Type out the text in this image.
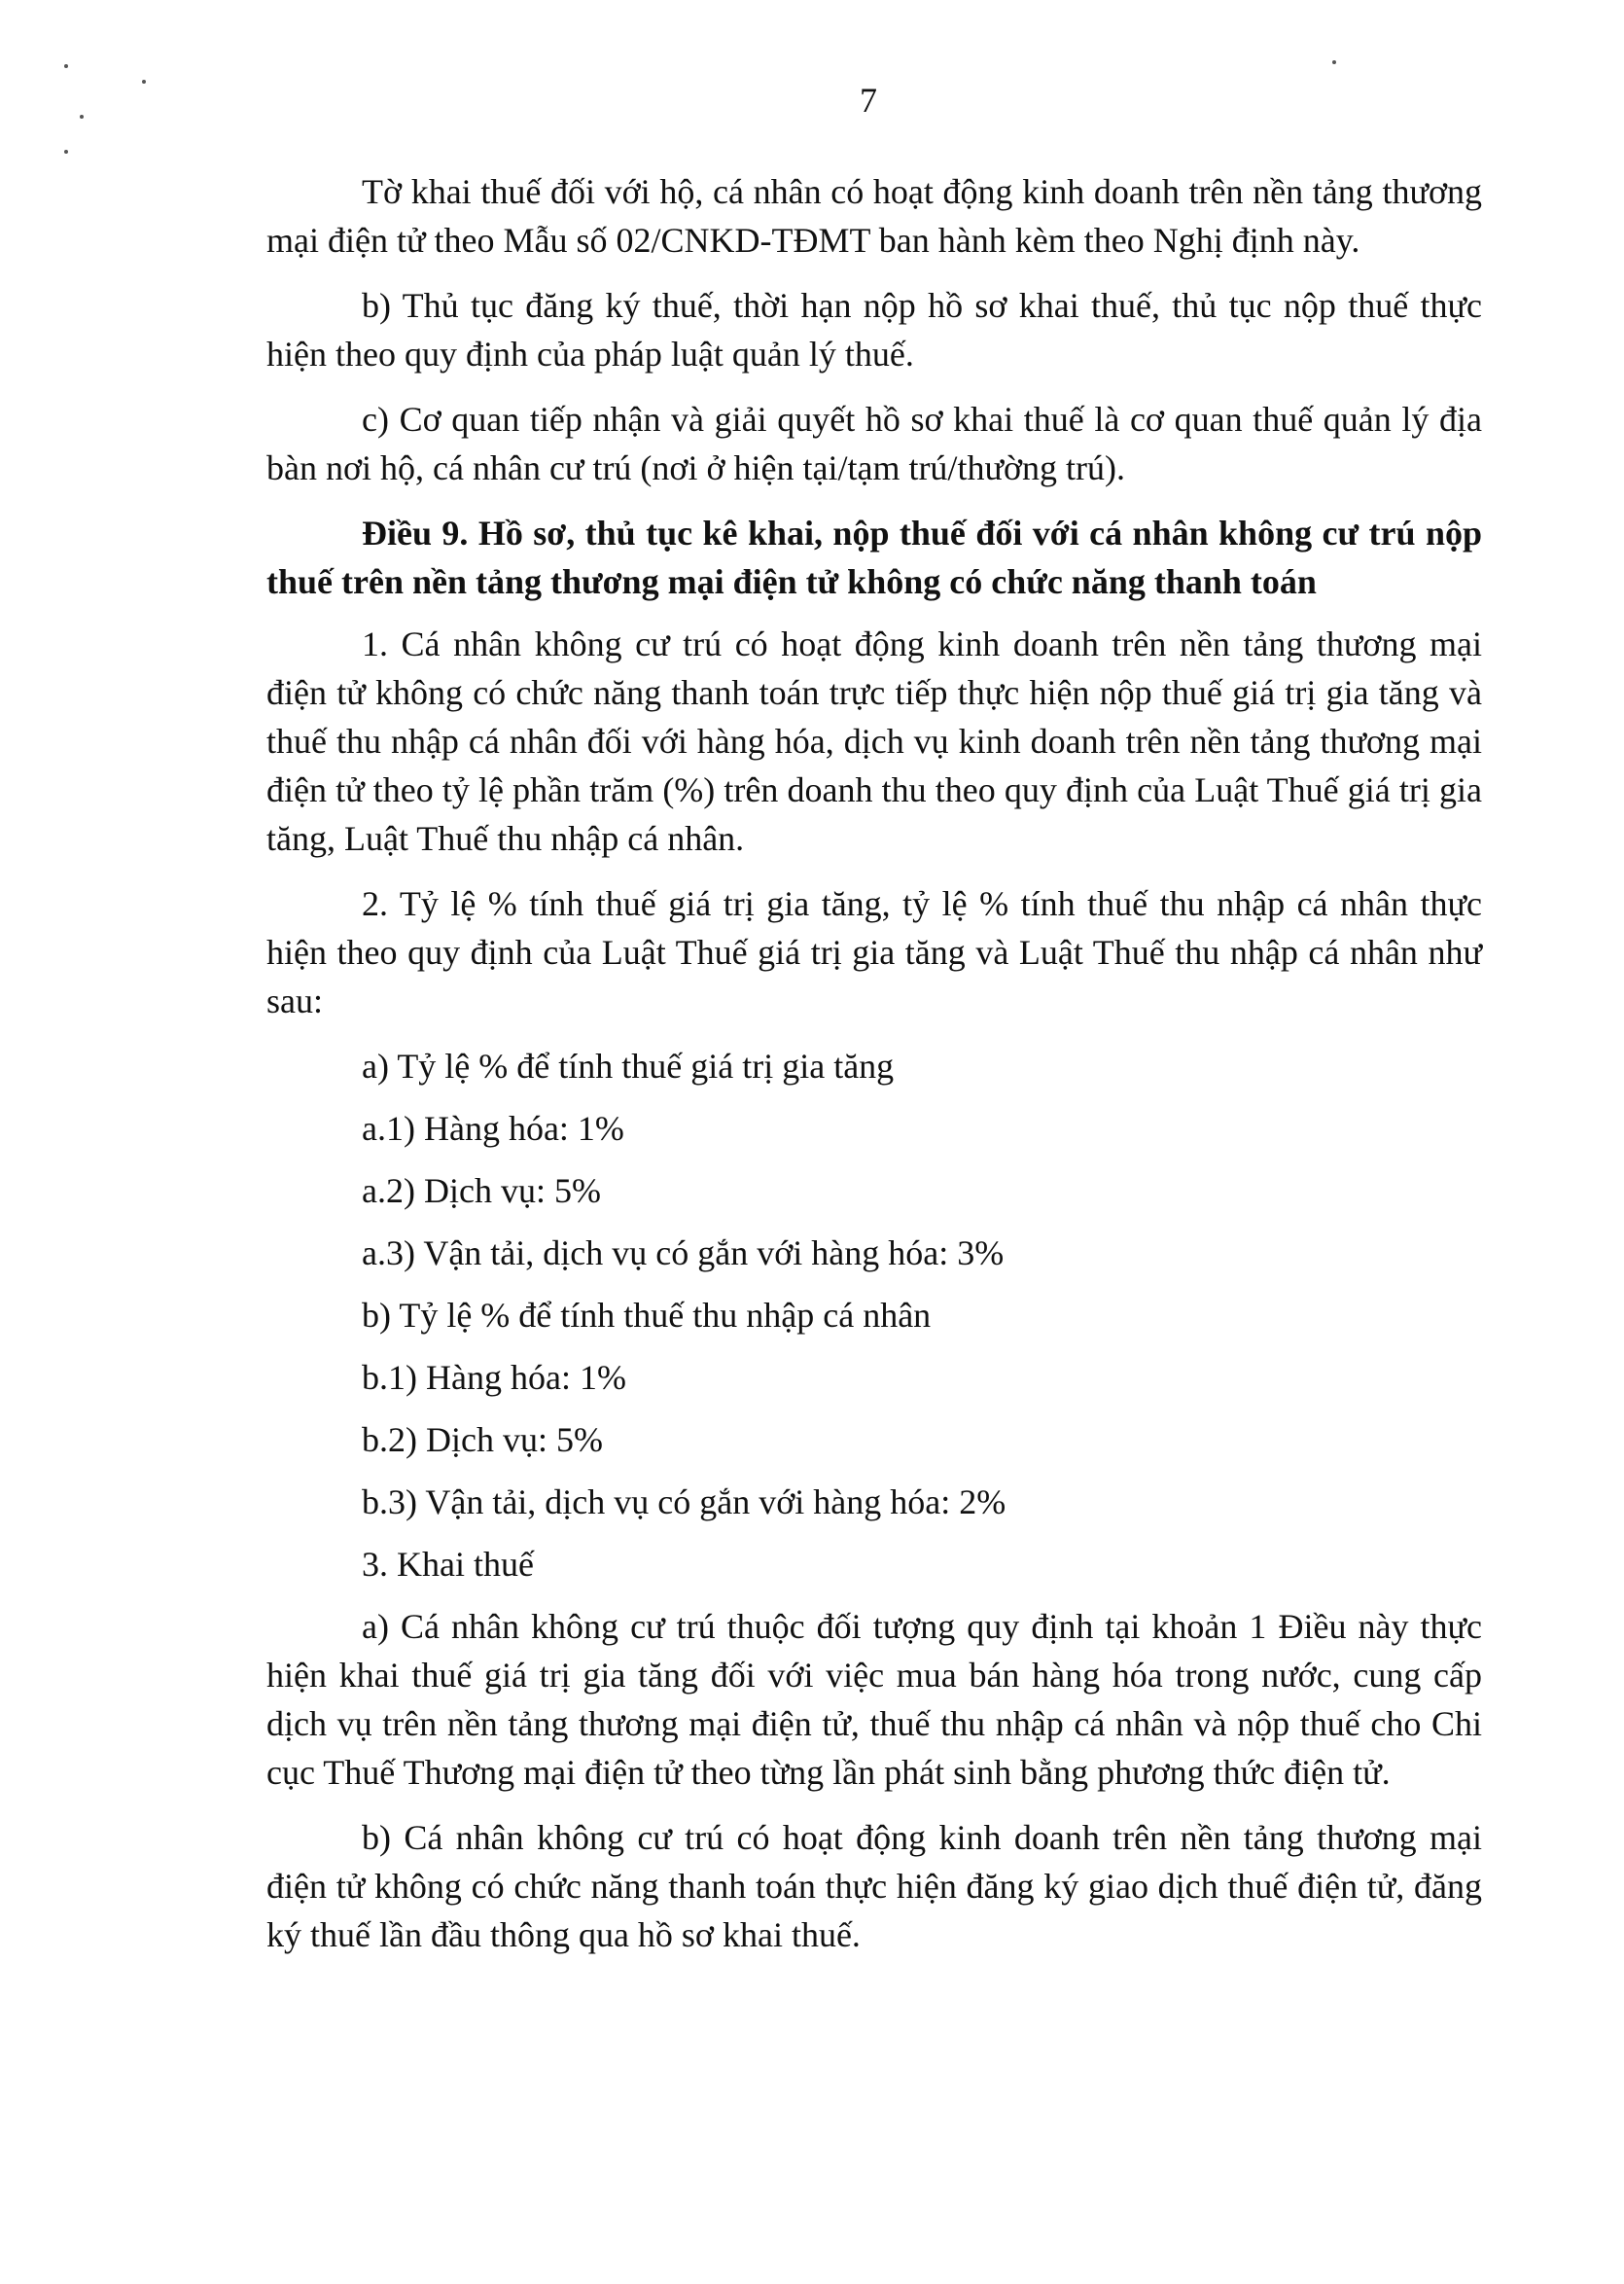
7

Tờ khai thuế đối với hộ, cá nhân có hoạt động kinh doanh trên nền tảng thương mại điện tử theo Mẫu số 02/CNKD-TĐMT ban hành kèm theo Nghị định này.

b) Thủ tục đăng ký thuế, thời hạn nộp hồ sơ khai thuế, thủ tục nộp thuế thực hiện theo quy định của pháp luật quản lý thuế.

c) Cơ quan tiếp nhận và giải quyết hồ sơ khai thuế là cơ quan thuế quản lý địa bàn nơi hộ, cá nhân cư trú (nơi ở hiện tại/tạm trú/thường trú).

Điều 9. Hồ sơ, thủ tục kê khai, nộp thuế đối với cá nhân không cư trú nộp thuế trên nền tảng thương mại điện tử không có chức năng thanh toán

1. Cá nhân không cư trú có hoạt động kinh doanh trên nền tảng thương mại điện tử không có chức năng thanh toán trực tiếp thực hiện nộp thuế giá trị gia tăng và thuế thu nhập cá nhân đối với hàng hóa, dịch vụ kinh doanh trên nền tảng thương mại điện tử theo tỷ lệ phần trăm (%) trên doanh thu theo quy định của Luật Thuế giá trị gia tăng, Luật Thuế thu nhập cá nhân.

2. Tỷ lệ % tính thuế giá trị gia tăng, tỷ lệ % tính thuế thu nhập cá nhân thực hiện theo quy định của Luật Thuế giá trị gia tăng và Luật Thuế thu nhập cá nhân như sau:

a) Tỷ lệ % để tính thuế giá trị gia tăng

a.1) Hàng hóa: 1%

a.2) Dịch vụ: 5%

a.3) Vận tải, dịch vụ có gắn với hàng hóa: 3%

b) Tỷ lệ % để tính thuế thu nhập cá nhân

b.1) Hàng hóa: 1%

b.2) Dịch vụ: 5%

b.3) Vận tải, dịch vụ có gắn với hàng hóa: 2%

3. Khai thuế

a) Cá nhân không cư trú thuộc đối tượng quy định tại khoản 1 Điều này thực hiện khai thuế giá trị gia tăng đối với việc mua bán hàng hóa trong nước, cung cấp dịch vụ trên nền tảng thương mại điện tử, thuế thu nhập cá nhân và nộp thuế cho Chi cục Thuế Thương mại điện tử theo từng lần phát sinh bằng phương thức điện tử.

b) Cá nhân không cư trú có hoạt động kinh doanh trên nền tảng thương mại điện tử không có chức năng thanh toán thực hiện đăng ký giao dịch thuế điện tử, đăng ký thuế lần đầu thông qua hồ sơ khai thuế.
